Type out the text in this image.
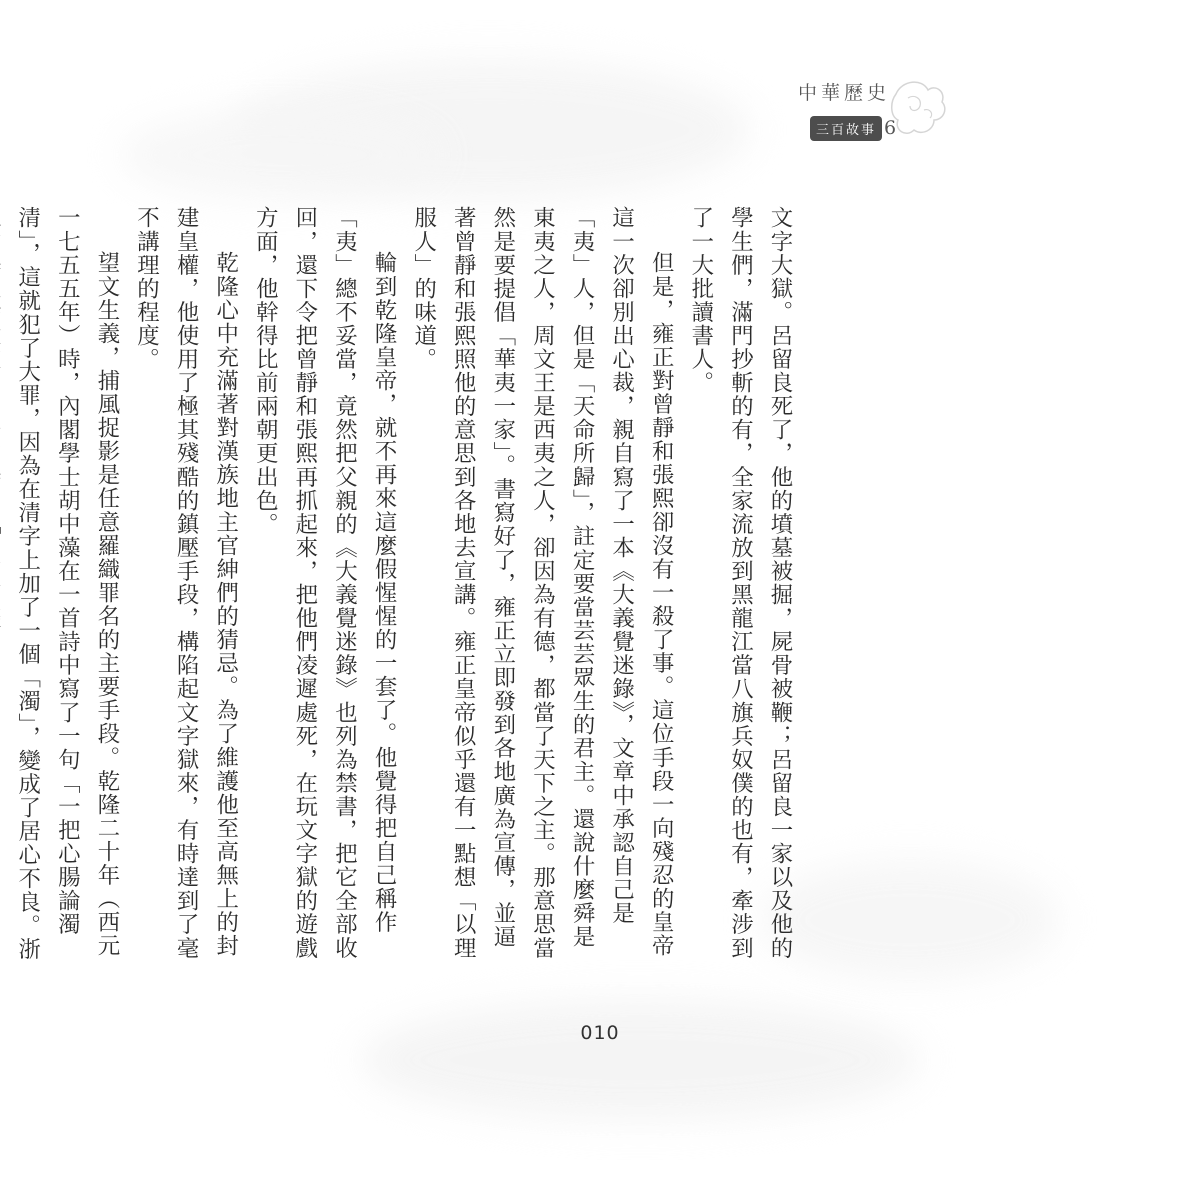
中華歷史
三百故事 6

文字大獄。呂留良死了，他的墳墓被掘，屍骨被鞭；呂留良一家以及他的學生們，滿門抄斬的有，全家流放到黑龍江當八旗兵奴僕的也有，牽涉到了一大批讀書人。

但是，雍正對曾靜和張熙卻沒有一殺了事。這位手段一向殘忍的皇帝這一次卻別出心裁，親自寫了一本《大義覺迷錄》，文章中承認自己是「夷」人，但是「天命所歸」，註定要當芸芸眾生的君主。還說什麼舜是東夷之人，周文王是西夷之人，卻因為有德，都當了天下之主。那意思當然是要提倡「華夷一家」。書寫好了，雍正立即發到各地廣為宣傳，並逼著曾靜和張熙照他的意思到各地去宣講。雍正皇帝似乎還有一點想「以理服人」的味道。

輪到乾隆皇帝，就不再來這麼假惺惺的一套了。他覺得把自己稱作「夷」總不妥當，竟然把父親的《大義覺迷錄》也列為禁書，把它全部收回，還下令把曾靜和張熙再抓起來，把他們凌遲處死，在玩文字獄的遊戲方面，他幹得比前兩朝更出色。

乾隆心中充滿著對漢族地主官紳們的猜忌。為了維護他至高無上的封建皇權，他使用了極其殘酷的鎮壓手段，構陷起文字獄來，有時達到了毫不講理的程度。

望文生義，捕風捉影是任意羅織罪名的主要手段。乾隆二十年（西元一七五五年）時，內閣學士胡中藻在一首詩中寫了一句「一把心腸論濁清」，這就犯了大罪，因為在清字上加了一個「濁」，變成了居心不良。浙

010
